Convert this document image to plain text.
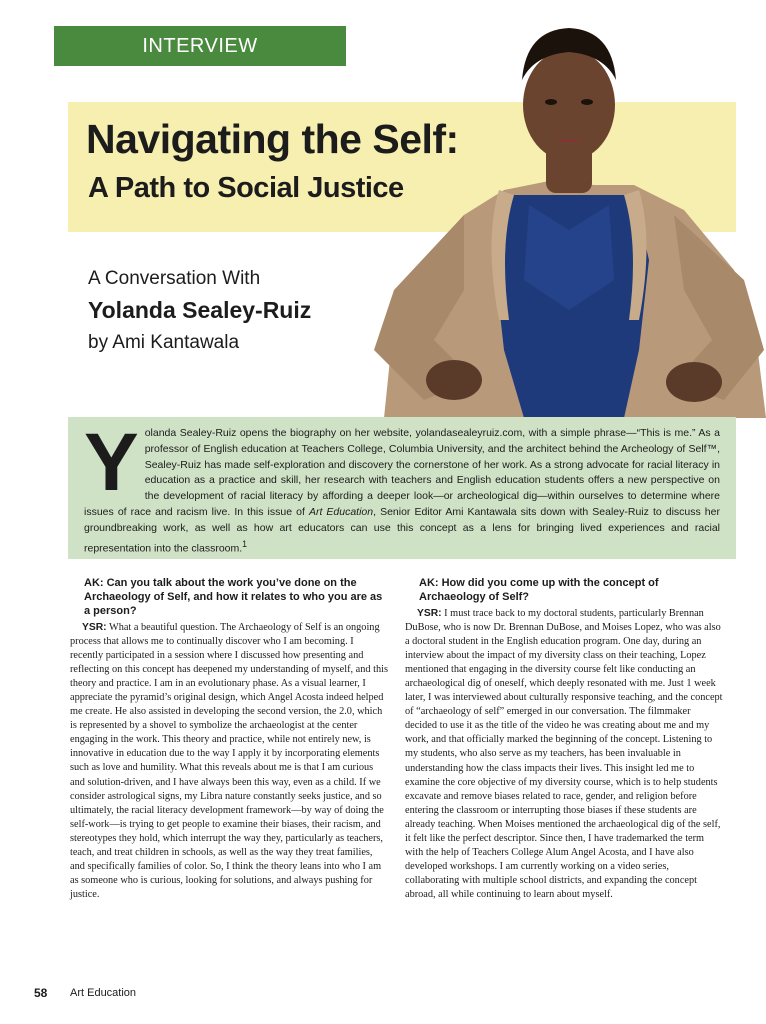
INTERVIEW
Navigating the Self:
A Path to Social Justice
A Conversation With
Yolanda Sealey-Ruiz
by Ami Kantawala
Y olanda Sealey-Ruiz opens the biography on her website, yolandasealeyruiz.com, with a simple phrase—“This is me.” As a professor of English education at Teachers College, Columbia University, and the architect behind the Archeology of Self™, Sealey-Ruiz has made self-exploration and discovery the cornerstone of her work. As a strong advocate for racial literacy in education as a practice and skill, her research with teachers and English education students offers a new perspective on the development of racial literacy by affording a deeper look—or archeological dig—within ourselves to determine where issues of race and racism live. In this issue of Art Education, Senior Editor Ami Kantawala sits down with Sealey-Ruiz to discuss her groundbreaking work, as well as how art educators can use this concept as a lens for bringing lived experiences and racial representation into the classroom.$^1$

AK: Can you talk about the work you’ve done on the Archaeology of Self, and how it relates to who you are as a person?

YSR: What a beautiful question. The Archaeology of Self is an ongoing process that allows me to continually discover who I am becoming. I recently participated in a session where I discussed how presenting and reflecting on this concept has deepened my understanding of myself, and this theory and practice. I am in an evolutionary phase. As a visual learner, I appreciate the pyramid’s original design, which Angel Acosta indeed helped me create. He also assisted in developing the second version, the 2.0, which is represented by a shovel to symbolize the archaeologist at the center engaging in the work. This theory and practice, while not entirely new, is innovative in education due to the way I apply it by incorporating elements such as love and humility. What this reveals about me is that I am curious and solution-driven, and I have always been this way, even as a child. If we consider astrological signs, my Libra nature constantly seeks justice, and so ultimately, the racial literacy development framework—by way of doing the self-work—is trying to get people to examine their biases, their racism, and stereotypes they hold, which interrupt the way they, particularly as teachers, teach, and treat children in schools, as well as the way they treat families, and specifically families of color. So, I think the theory leans into who I am as someone who is curious, looking for solutions, and always pushing for justice.

AK: How did you come up with the concept of Archaeology of Self?

YSR: I must trace back to my doctoral students, particularly Brennan DuBose, who is now Dr. Brennan DuBose, and Moises Lopez, who was also a doctoral student in the English education program. One day, during an interview about the impact of my diversity class on their teaching, Lopez mentioned that engaging in the diversity course felt like conducting an archaeological dig of oneself, which deeply resonated with me. Just 1 week later, I was interviewed about culturally responsive teaching, and the concept of “archaeology of self” emerged in our conversation. The filmmaker decided to use it as the title of the video he was creating about me and my work, and that officially marked the beginning of the concept. Listening to my students, who also serve as my teachers, has been invaluable in understanding how the class impacts their lives. This insight led me to examine the core objective of my diversity course, which is to help students excavate and remove biases related to race, gender, and religion before entering the classroom or interrupting those biases if these students are already teaching. When Moises mentioned the archaeological dig of the self, it felt like the perfect descriptor. Since then, I have trademarked the term with the help of Teachers College Alum Angel Acosta, and I have also developed workshops. I am currently working on a video series, collaborating with multiple school districts, and expanding the concept abroad, all while continuing to learn about myself.

58 Art Education
